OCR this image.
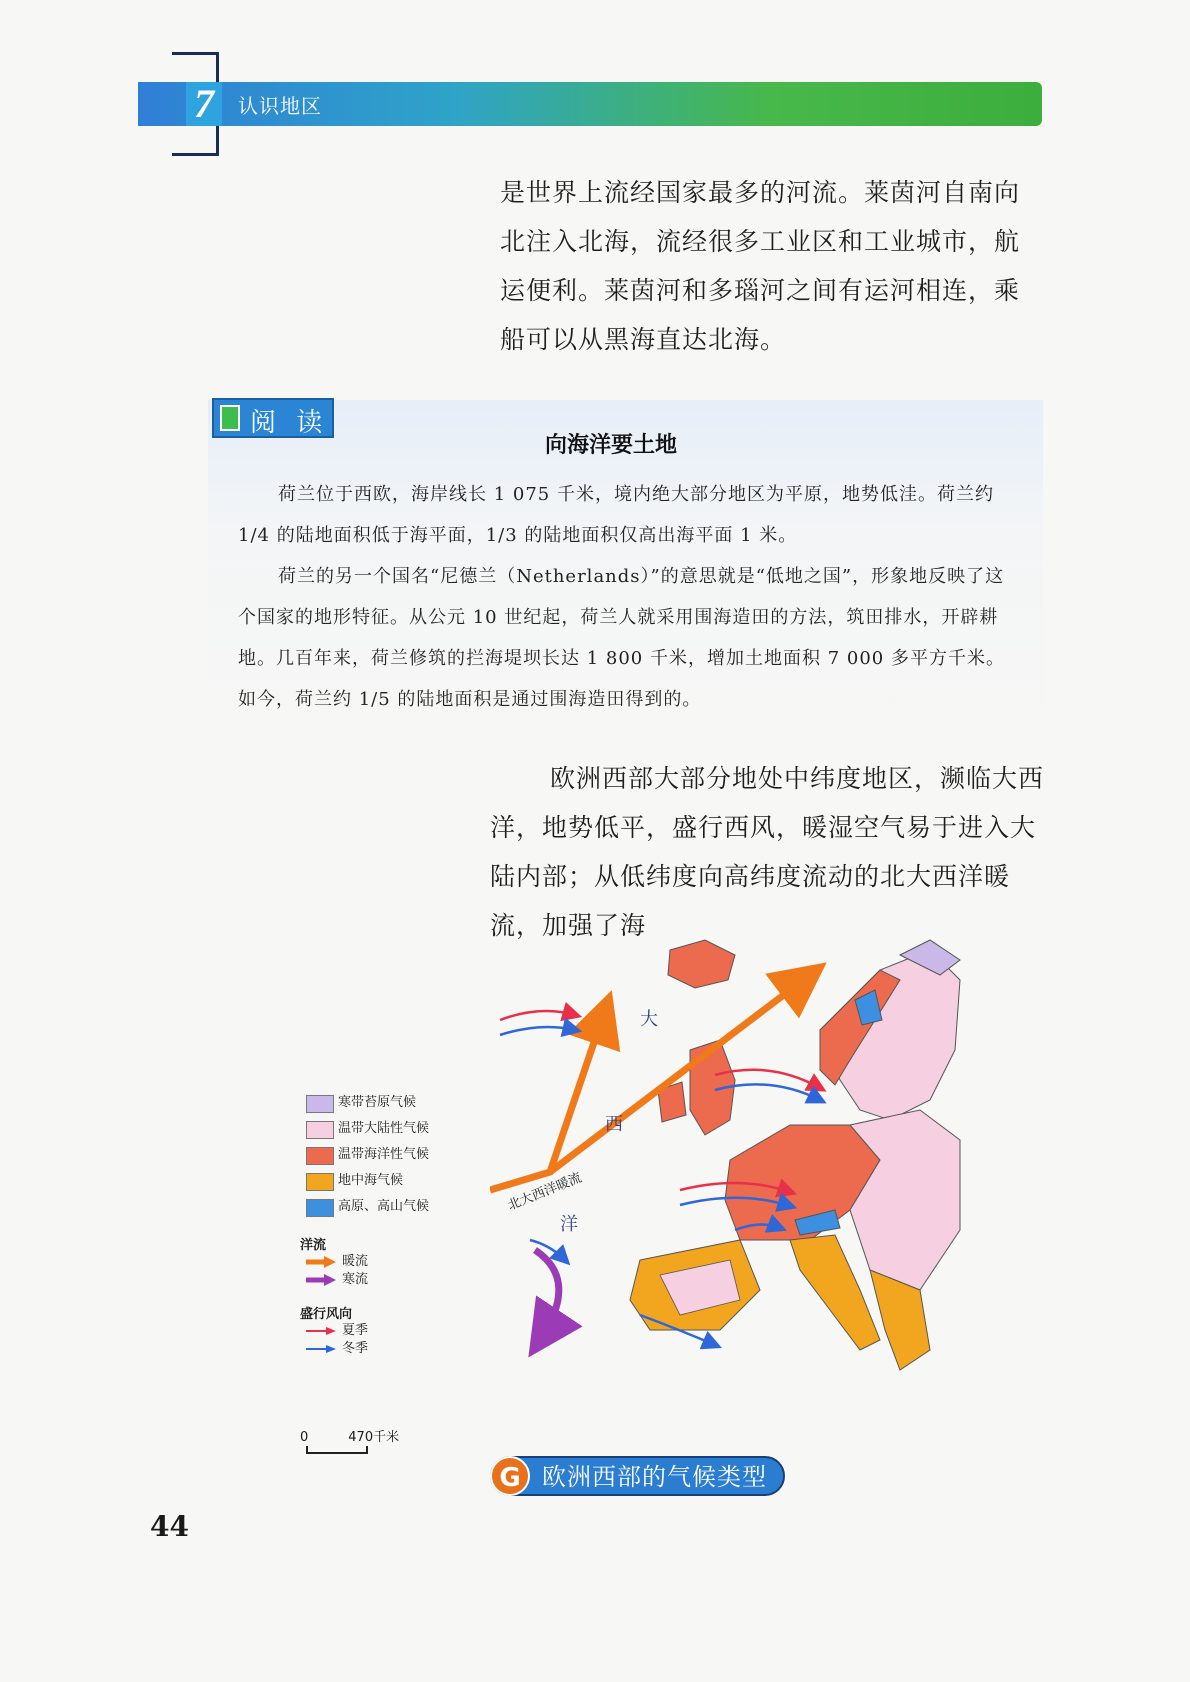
7	认识地区
是世界上流经国家最多的河流。莱茵河自南向北注入北海，流经很多工业区和工业城市，航运便利。莱茵河和多瑙河之间有运河相连，乘船可以从黑海直达北海。
阅 读
向海洋要土地
荷兰位于西欧，海岸线长 1 075 千米，境内绝大部分地区为平原，地势低洼。荷兰约 1/4 的陆地面积低于海平面，1/3 的陆地面积仅高出海平面 1 米。
荷兰的另一个国名“尼德兰（Netherlands）”的意思就是“低地之国”，形象地反映了这个国家的地形特征。从公元 10 世纪起，荷兰人就采用围海造田的方法，筑田排水，开辟耕地。几百年来，荷兰修筑的拦海堤坝长达 1 800 千米，增加土地面积 7 000 多平方千米。如今，荷兰约 1/5 的陆地面积是通过围海造田得到的。
欧洲西部大部分地处中纬度地区，濒临大西洋，地势低平，盛行西风，暖湿空气易于进入大陆内部；从低纬度向高纬度流动的北大西洋暖流，加强了海
大
西
洋
北大西洋暖流
寒带苔原气候
温带大陆性气候
温带海洋性气候
地中海气候
高原、高山气候
洋流
暖流
寒流
盛行风向
夏季
冬季
0	470千米
欧洲西部的气候类型
G
44
